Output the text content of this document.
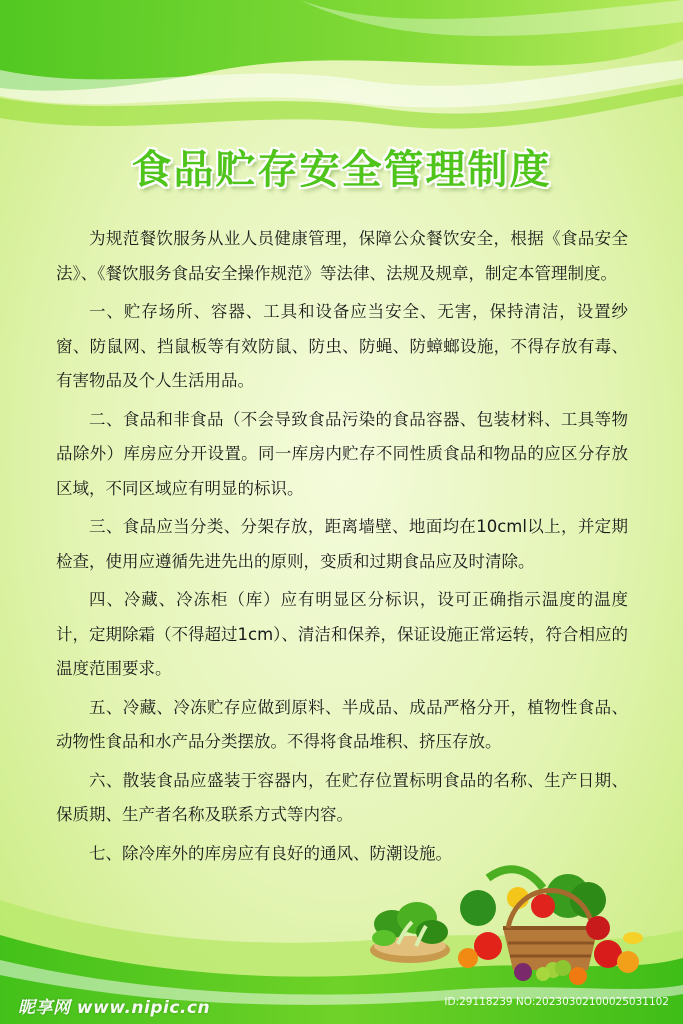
食品贮存安全管理制度

为规范餐饮服务从业人员健康管理，保障公众餐饮安全，根据《食品安全法》、《餐饮服务食品安全操作规范》等法律、法规及规章，制定本管理制度。

一、贮存场所、容器、工具和设备应当安全、无害，保持清洁，设置纱窗、防鼠网、挡鼠板等有效防鼠、防虫、防蝇、防蟑螂设施，不得存放有毒、有害物品及个人生活用品。

二、食品和非食品（不会导致食品污染的食品容器、包装材料、工具等物品除外）库房应分开设置。同一库房内贮存不同性质食品和物品的应区分存放区域，不同区域应有明显的标识。

三、食品应当分类、分架存放，距离墙壁、地面均在10cml以上，并定期检查，使用应遵循先进先出的原则，变质和过期食品应及时清除。

四、冷藏、冷冻柜（库）应有明显区分标识，设可正确指示温度的温度计，定期除霜（不得超过1cm）、清洁和保养，保证设施正常运转，符合相应的温度范围要求。

五、冷藏、冷冻贮存应做到原料、半成品、成品严格分开，植物性食品、动物性食品和水产品分类摆放。不得将食品堆积、挤压存放。

六、散装食品应盛装于容器内，在贮存位置标明食品的名称、生产日期、保质期、生产者名称及联系方式等内容。

七、除冷库外的库房应有良好的通风、防潮设施。

昵享网 www.nipic.cn	ID:29118239 NO:20230302100025031102
